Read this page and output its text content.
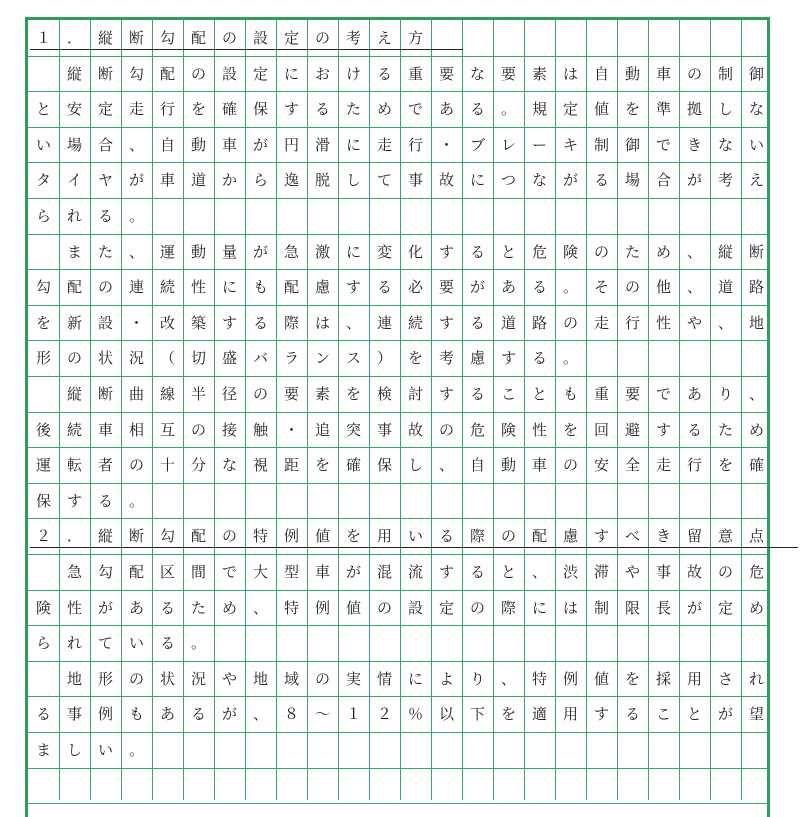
１	．	縦	断	勾	配	の	設	定	の	考	え	方

縦	断	勾	配	の	設	定	に	お	け	る	重	要	な	要	素	は	自	動	車	の	制	御
と	安	定	走	行	を	確	保	す	る	た	め	で	あ	る	。	規	定	値	を	準	拠	し	な
い	場	合	、	自	動	車	が	円	滑	に	走	行	・	ブ	レ	ー	キ	制	御	で	き	な	い
タ	イ	ヤ	が	車	道	か	ら	逸	脱	し	て	事	故	に	つ	な	が	る	場	合	が	考	え
ら	れ	る	。

ま	た	、	運	動	量	が	急	激	に	変	化	す	る	と	危	険	の	た	め	、	縦	断
勾	配	の	連	続	性	に	も	配	慮	す	る	必	要	が	あ	る	。	そ	の	他	、	道	路
を	新	設	・	改	築	す	る	際	は	、	連	続	す	る	道	路	の	走	行	性	や	、	地
形	の	状	況	（	切	盛	バ	ラ	ン	ス	）	を	考	慮	す	る	。

縦	断	曲	線	半	径	の	要	素	を	検	討	す	る	こ	と	も	重	要	で	あ	り	、
後	続	車	相	互	の	接	触	・	追	突	事	故	の	危	険	性	を	回	避	す	る	た	め
運	転	者	の	十	分	な	視	距	を	確	保	し	、	自	動	車	の	安	全	走	行	を	確
保	す	る	。
２	．	縦	断	勾	配	の	特	例	値	を	用	い	る	際	の	配	慮	す	べ	き	留	意	点

急	勾	配	区	間	で	大	型	車	が	混	流	す	る	と	、	渋	滞	や	事	故	の	危
険	性	が	あ	る	た	め	、	特	例	値	の	設	定	の	際	に	は	制	限	長	が	定	め
ら	れ	て	い	る	。

地	形	の	状	況	や	地	域	の	実	情	に	よ	り	、	特	例	値	を	採	用	さ	れ
る	事	例	も	あ	る	が	、	８	～	１	２	％	以	下	を	適	用	す	る	こ	と	が	望
ま	し	い	。
